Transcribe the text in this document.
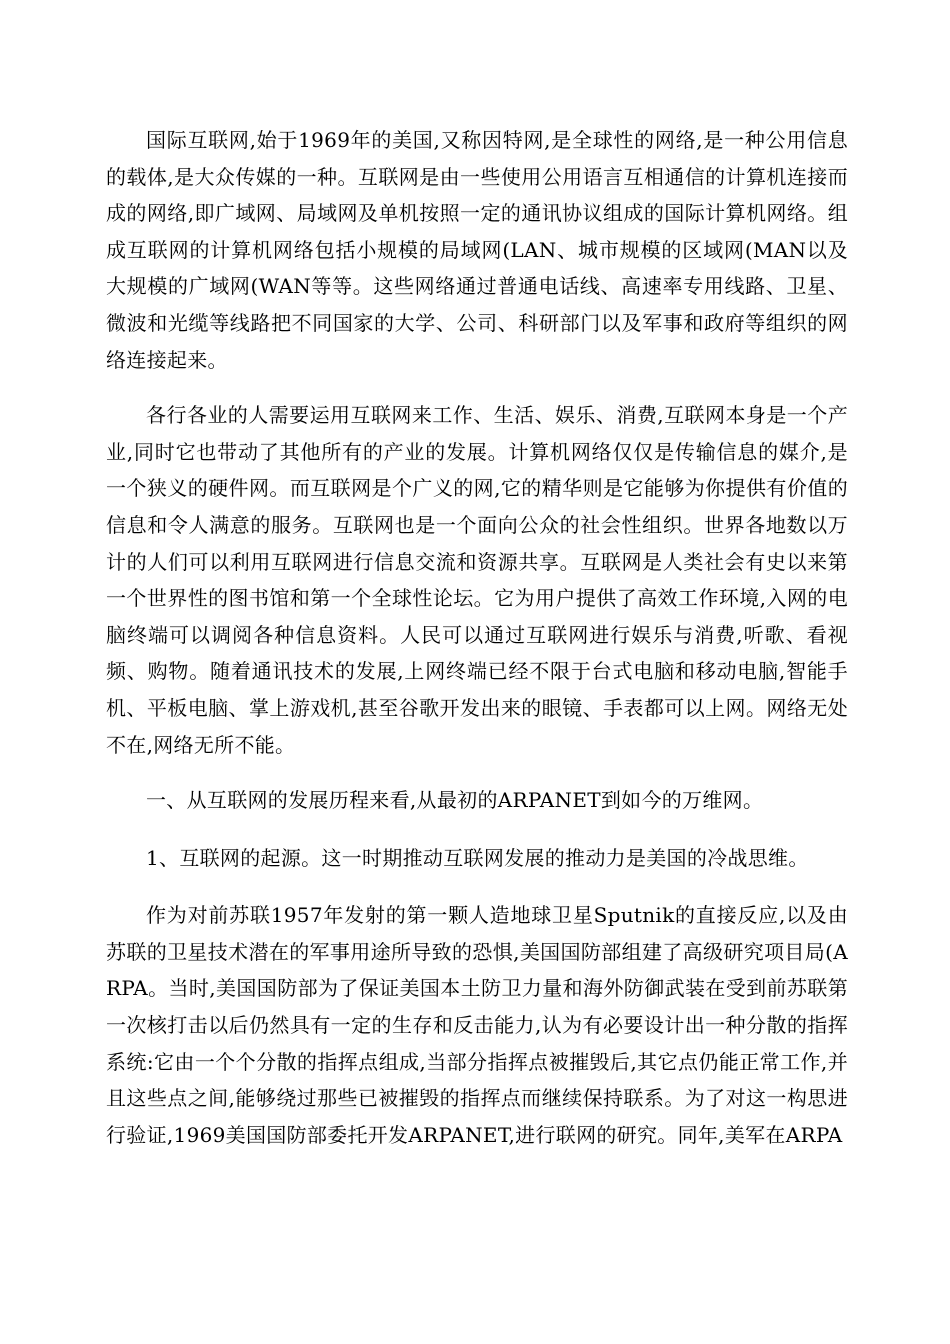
国际互联网,始于1969年的美国,又称因特网,是全球性的网络,是一种公用信息的载体,是大众传媒的一种。互联网是由一些使用公用语言互相通信的计算机连接而成的网络,即广域网、局域网及单机按照一定的通讯协议组成的国际计算机网络。组成互联网的计算机网络包括小规模的局域网(LAN、城市规模的区域网(MAN以及大规模的广域网(WAN等等。这些网络通过普通电话线、高速率专用线路、卫星、微波和光缆等线路把不同国家的大学、公司、科研部门以及军事和政府等组织的网络连接起来。

各行各业的人需要运用互联网来工作、生活、娱乐、消费,互联网本身是一个产业,同时它也带动了其他所有的产业的发展。计算机网络仅仅是传输信息的媒介,是一个狭义的硬件网。而互联网是个广义的网,它的精华则是它能够为你提供有价值的信息和令人满意的服务。互联网也是一个面向公众的社会性组织。世界各地数以万计的人们可以利用互联网进行信息交流和资源共享。互联网是人类社会有史以来第一个世界性的图书馆和第一个全球性论坛。它为用户提供了高效工作环境,入网的电脑终端可以调阅各种信息资料。人民可以通过互联网进行娱乐与消费,听歌、看视频、购物。随着通讯技术的发展,上网终端已经不限于台式电脑和移动电脑,智能手机、平板电脑、掌上游戏机,甚至谷歌开发出来的眼镜、手表都可以上网。网络无处不在,网络无所不能。

一、从互联网的发展历程来看,从最初的ARPANET到如今的万维网。

1、互联网的起源。这一时期推动互联网发展的推动力是美国的冷战思维。

作为对前苏联1957年发射的第一颗人造地球卫星Sputnik的直接反应,以及由苏联的卫星技术潜在的军事用途所导致的恐惧,美国国防部组建了高级研究项目局(ARPA。当时,美国国防部为了保证美国本土防卫力量和海外防御武装在受到前苏联第一次核打击以后仍然具有一定的生存和反击能力,认为有必要设计出一种分散的指挥系统:它由一个个分散的指挥点组成,当部分指挥点被摧毁后,其它点仍能正常工作,并且这些点之间,能够绕过那些已被摧毁的指挥点而继续保持联系。为了对这一构思进行验证,1969美国国防部委托开发ARPANET,进行联网的研究。同年,美军在ARPA
